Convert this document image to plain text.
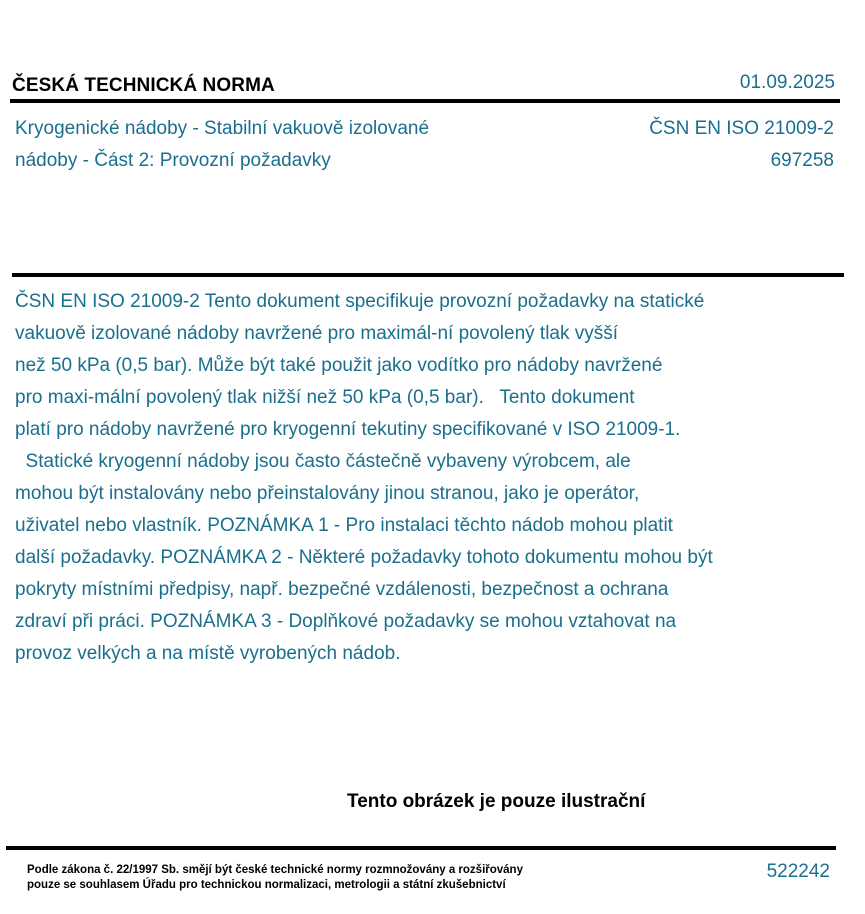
ČESKÁ TECHNICKÁ NORMA	01.09.2025
Kryogenické nádoby - Stabilní vakuově izolované
nádoby - Část 2: Provozní požadavky
ČSN EN ISO 21009-2
697258
ČSN EN ISO 21009-2 Tento dokument specifikuje provozní požadavky na statické
vakuově izolované nádoby navržené pro maximál-ní povolený tlak vyšší
než 50 kPa (0,5 bar). Může být také použit jako vodítko pro nádoby navržené
pro maxi-mální povolený tlak nižší než 50 kPa (0,5 bar).   Tento dokument
platí pro nádoby navržené pro kryogenní tekutiny specifikované v ISO 21009-1.
Statické kryogenní nádoby jsou často částečně vybaveny výrobcem, ale
mohou být instalovány nebo přeinstalovány jinou stranou, jako je operátor,
uživatel nebo vlastník. POZNÁMKA 1 - Pro instalaci těchto nádob mohou platit
další požadavky. POZNÁMKA 2 - Některé požadavky tohoto dokumentu mohou být
pokryty místními předpisy, např. bezpečné vzdálenosti, bezpečnost a ochrana
zdraví při práci. POZNÁMKA 3 - Doplňkové požadavky se mohou vztahovat na
provoz velkých a na místě vyrobených nádob.
Tento obrázek je pouze ilustrační
Podle zákona č. 22/1997 Sb. smějí být české technické normy rozmnožovány a rozšiřovány
pouze se souhlasem Úřadu pro technickou normalizaci, metrologii a státní zkušebnictví
522242
